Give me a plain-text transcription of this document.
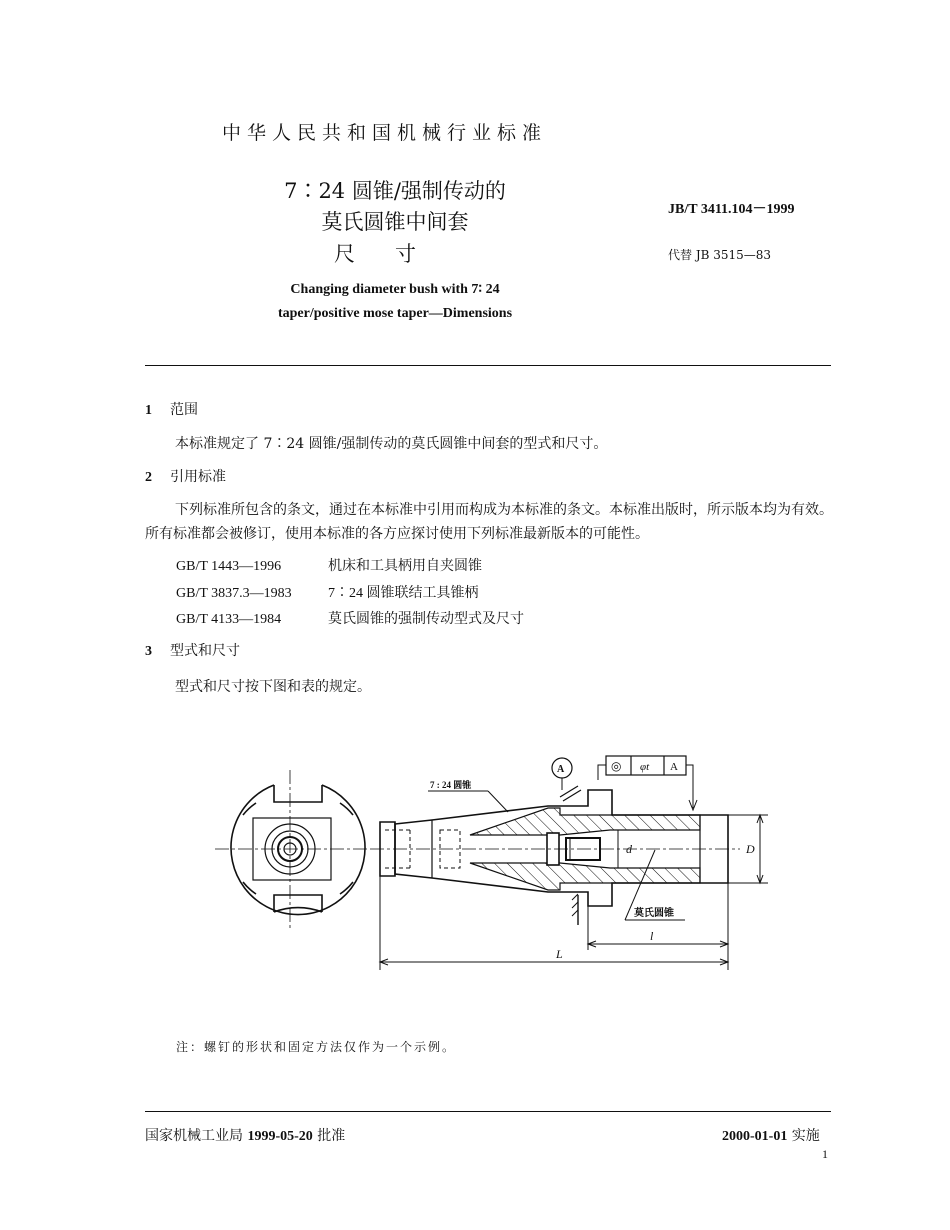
中华人民共和国机械行业标准
7∶24 圆锥/强制传动的
莫氏圆锥中间套
尺寸
Changing diameter bush with 7∶ 24
taper/positive mose taper—Dimensions
JB/T 3411.104－1999
代替 JB 3515—83
1 范围
本标准规定了 7∶24 圆锥/强制传动的莫氏圆锥中间套的型式和尺寸。
2 引用标准
下列标准所包含的条文，通过在本标准中引用而构成为本标准的条文。本标准出版时，所示版本均为有效。所有标准都会被修订，使用本标准的各方应探讨使用下列标准最新版本的可能性。
GB/T 1443—1996	机床和工具柄用自夹圆锥
GB/T 3837.3—1983	7∶24 圆锥联结工具锥柄
GB/T 4133—1984	莫氏圆锥的强制传动型式及尺寸
3 型式和尺寸
型式和尺寸按下图和表的规定。
7 : 24 圆锥
莫氏圆锥
A	◎ φt A
d	D
l
L
注：螺钉的形状和固定方法仅作为一个示例。
国家机械工业局 1999-05-20 批准	2000-01-01 实施
1
